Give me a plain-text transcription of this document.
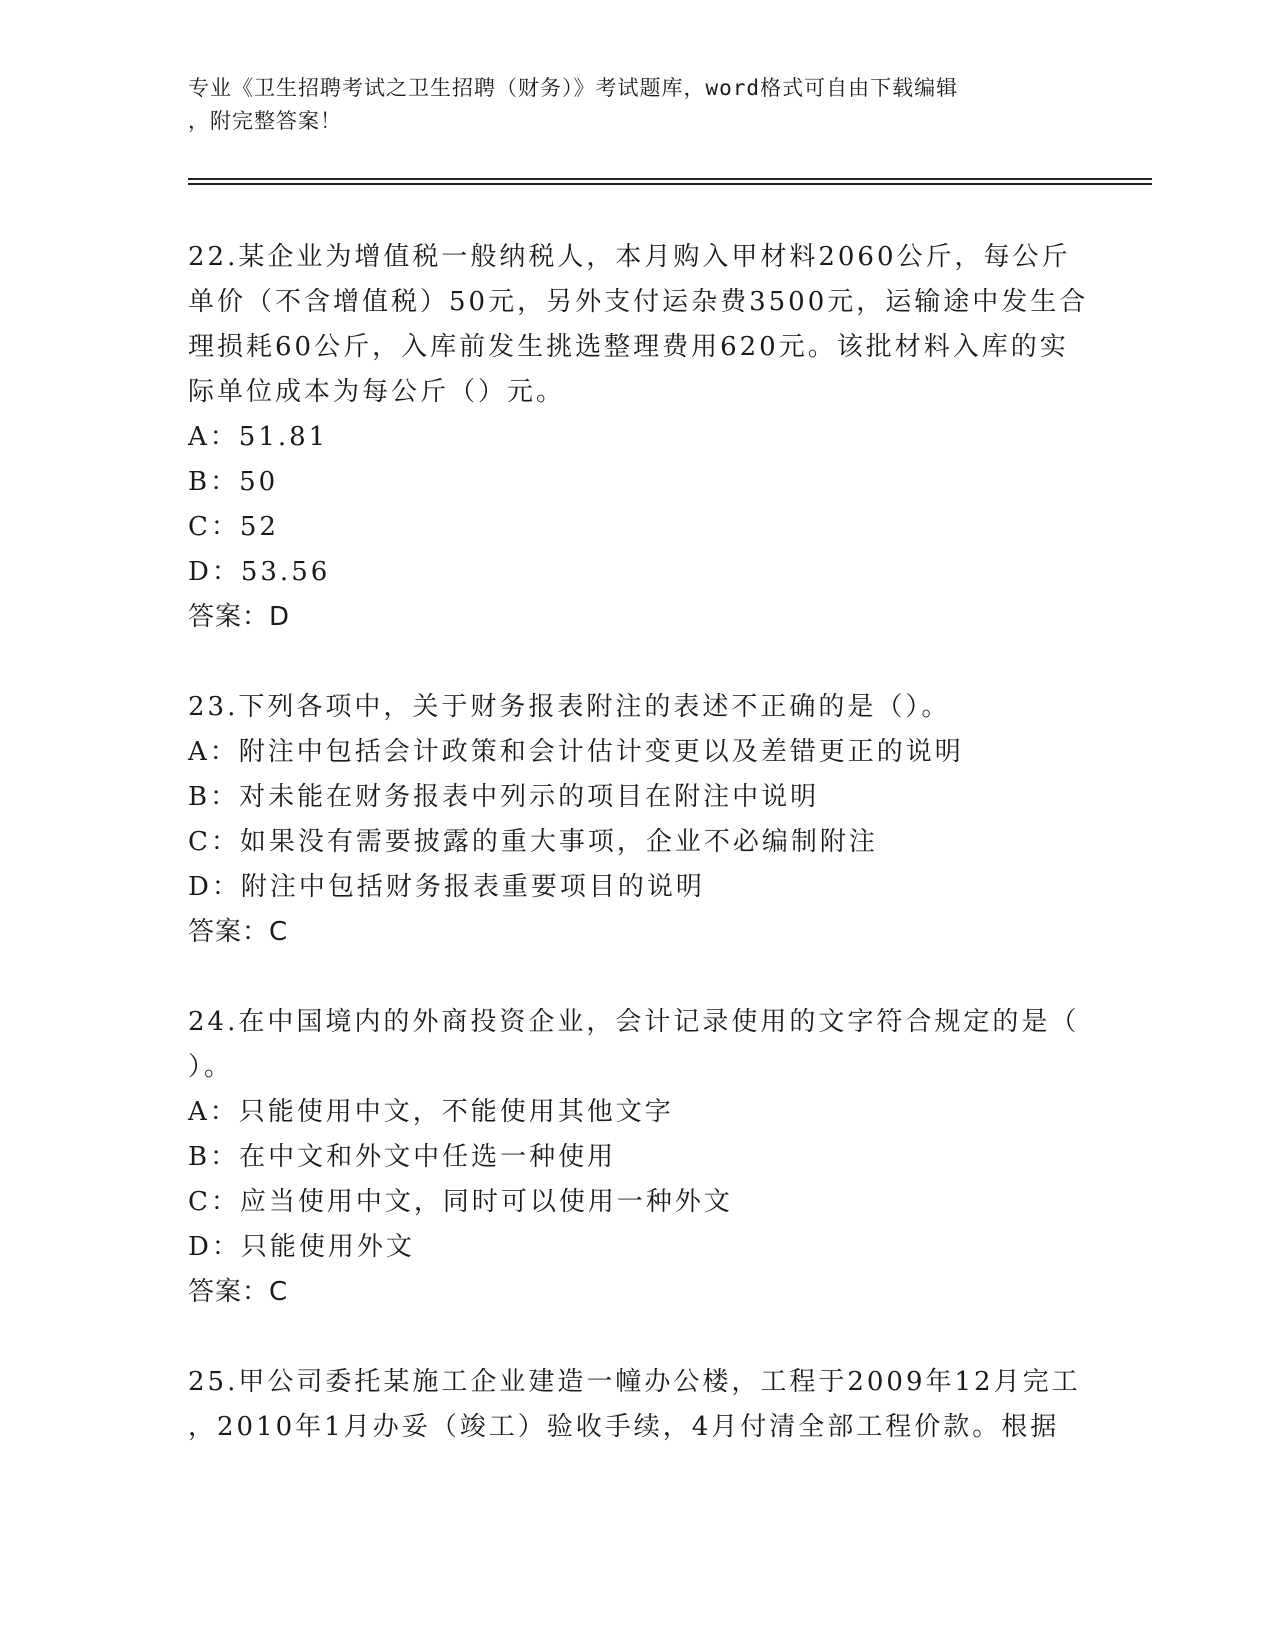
专业《卫生招聘考试之卫生招聘（财务）》考试题库，word格式可自由下载编辑
，附完整答案！
22.某企业为增值税一般纳税人，本月购入甲材料2060公斤，每公斤
单价（不含增值税）50元，另外支付运杂费3500元，运输途中发生合
理损耗60公斤，入库前发生挑选整理费用620元。该批材料入库的实
际单位成本为每公斤（）元。
A：51.81
B：50
C：52
D：53.56
答案：D
23.下列各项中，关于财务报表附注的表述不正确的是（）。
A：附注中包括会计政策和会计估计变更以及差错更正的说明
B：对未能在财务报表中列示的项目在附注中说明
C：如果没有需要披露的重大事项，企业不必编制附注
D：附注中包括财务报表重要项目的说明
答案：C
24.在中国境内的外商投资企业，会计记录使用的文字符合规定的是（
）。
A：只能使用中文，不能使用其他文字
B：在中文和外文中任选一种使用
C：应当使用中文，同时可以使用一种外文
D：只能使用外文
答案：C
25.甲公司委托某施工企业建造一幢办公楼，工程于2009年12月完工
，2010年1月办妥（竣工）验收手续，4月付清全部工程价款。根据
